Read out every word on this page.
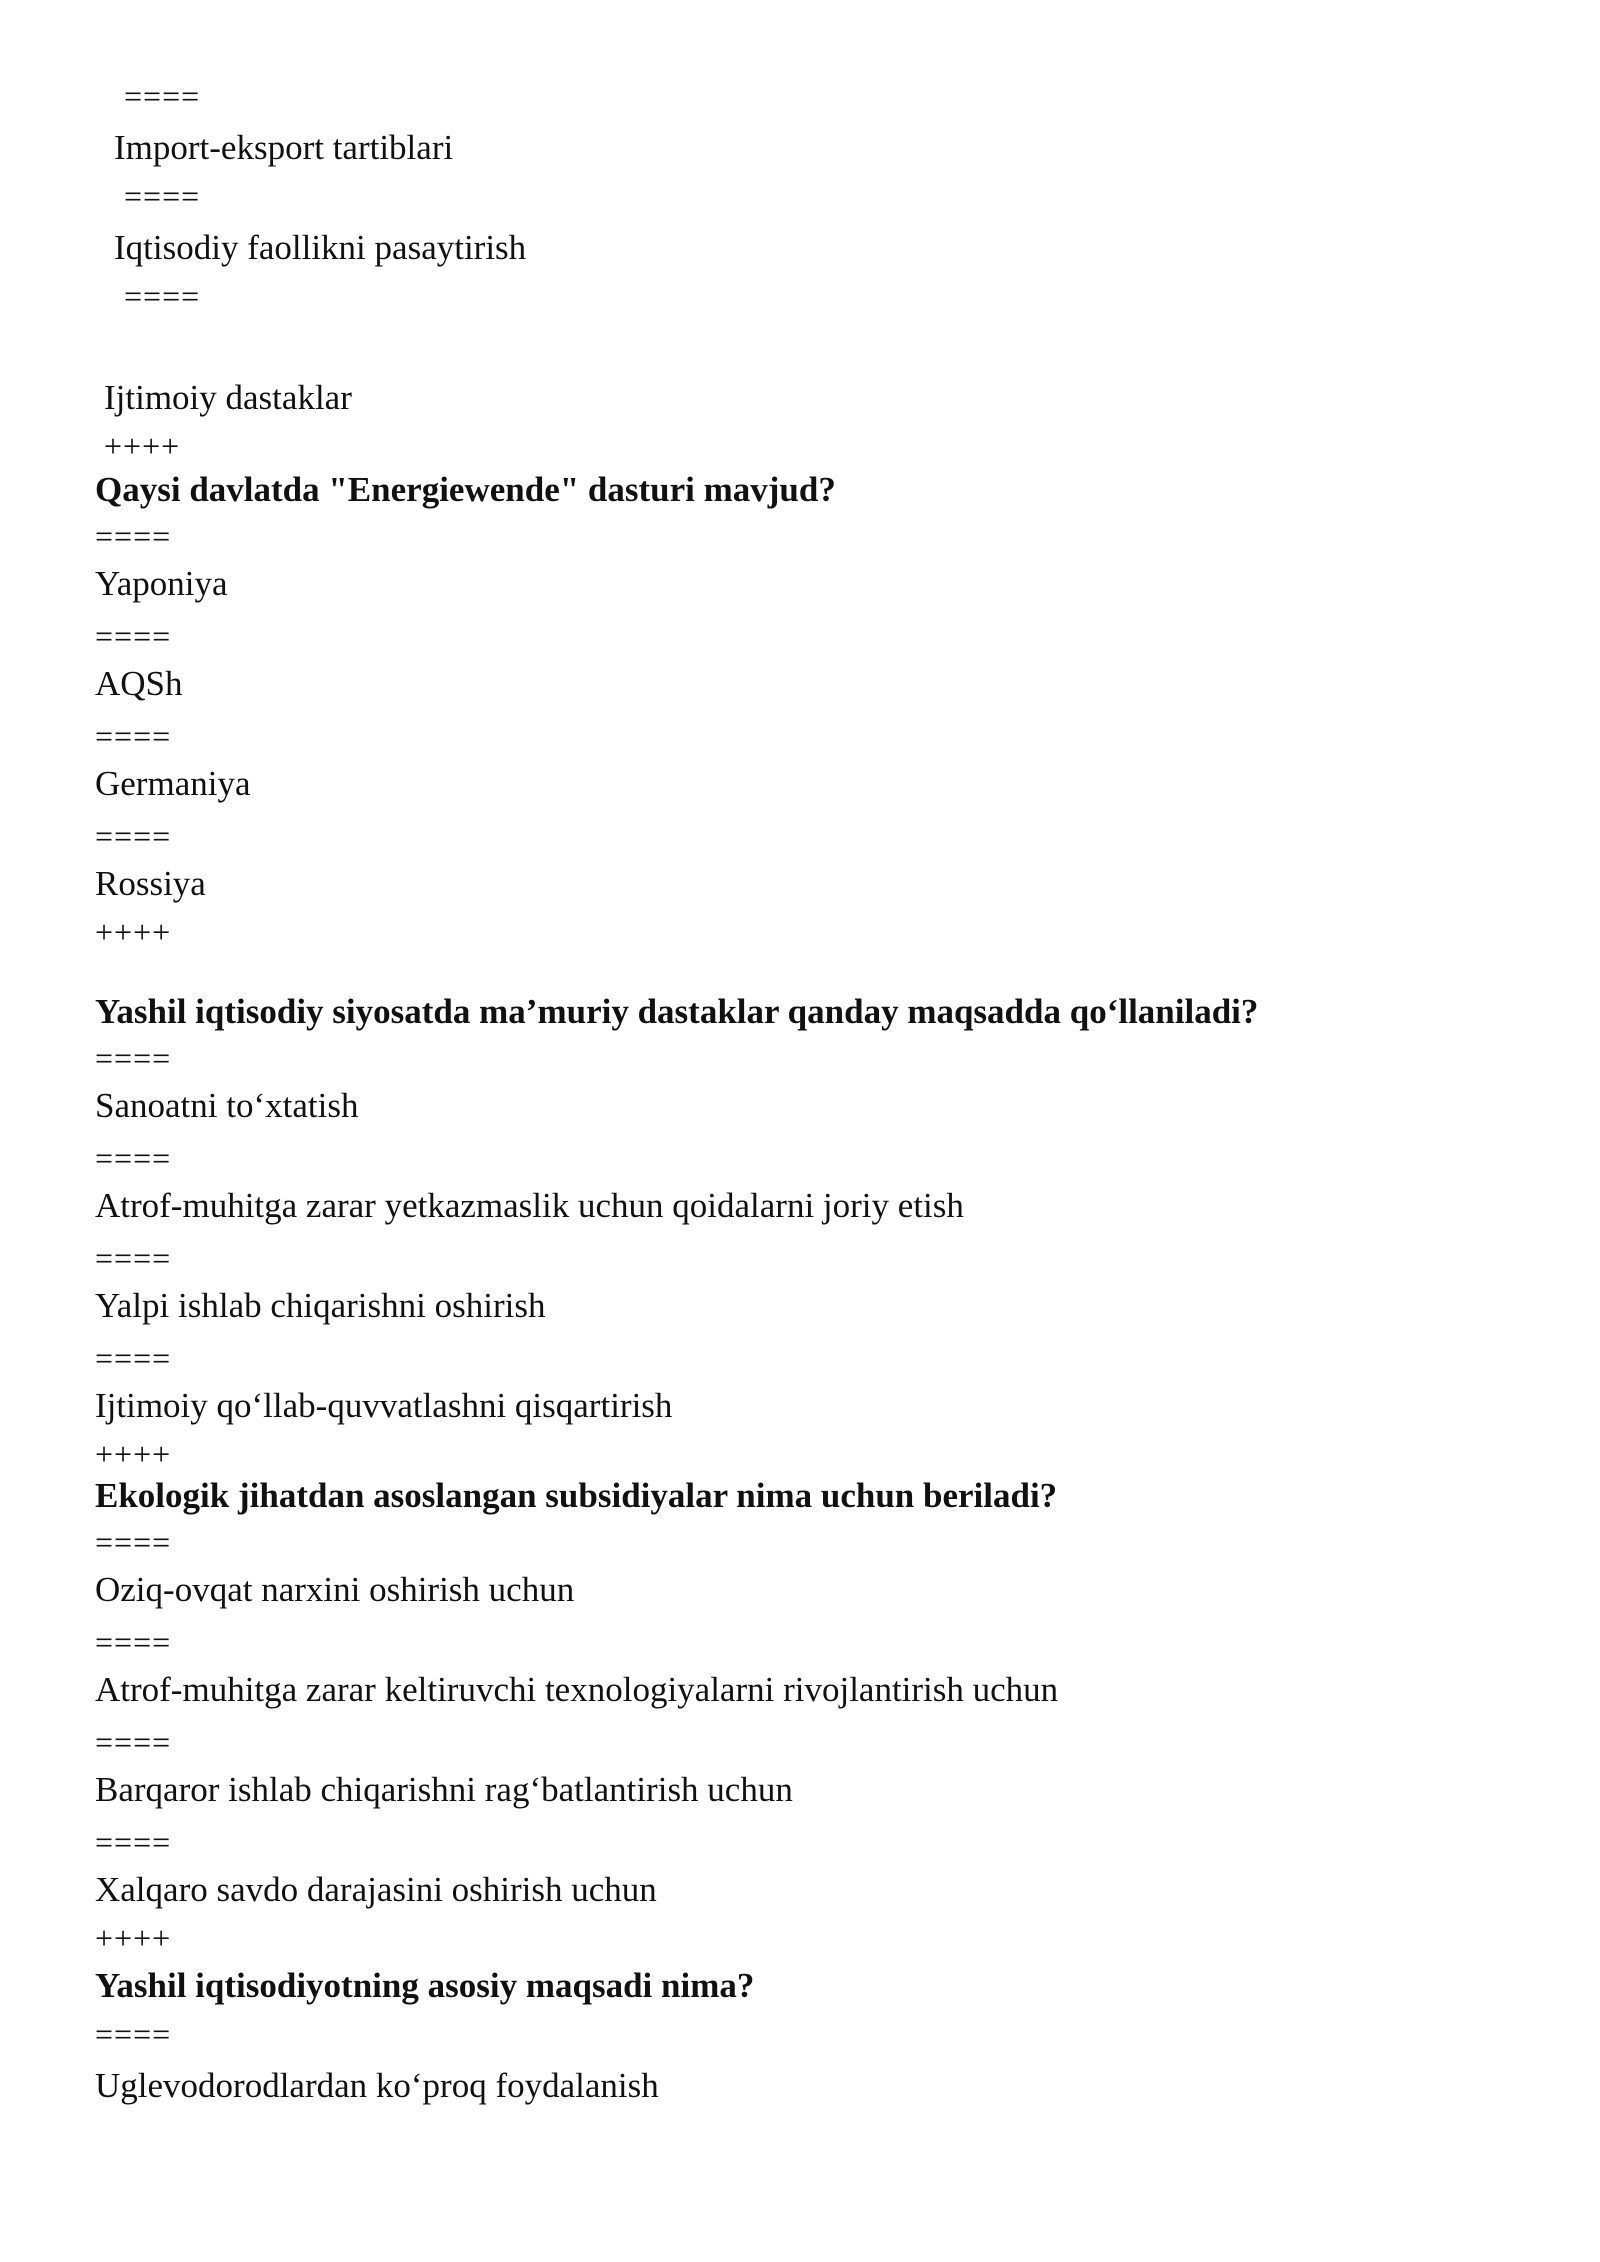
====
Import-eksport tartiblari
====
Iqtisodiy faollikni pasaytirish
====
Ijtimoiy dastaklar
++++
Qaysi davlatda "Energiewende" dasturi mavjud?
====
Yaponiya
====
AQSh
====
Germaniya
====
Rossiya
++++
Yashil iqtisodiy siyosatda ma’muriy dastaklar qanday maqsadda qo‘llaniladi?
====
Sanoatni to‘xtatish
====
Atrof-muhitga zarar yetkazmaslik uchun qoidalarni joriy etish
====
Yalpi ishlab chiqarishni oshirish
====
Ijtimoiy qo‘llab-quvvatlashni qisqartirish
++++
Ekologik jihatdan asoslangan subsidiyalar nima uchun beriladi?
====
Oziq-ovqat narxini oshirish uchun
====
Atrof-muhitga zarar keltiruvchi texnologiyalarni rivojlantirish uchun
====
Barqaror ishlab chiqarishni rag‘batlantirish uchun
====
Xalqaro savdo darajasini oshirish uchun
++++
Yashil iqtisodiyotning asosiy maqsadi nima?
====
Uglevodorodlardan ko‘proq foydalanish
